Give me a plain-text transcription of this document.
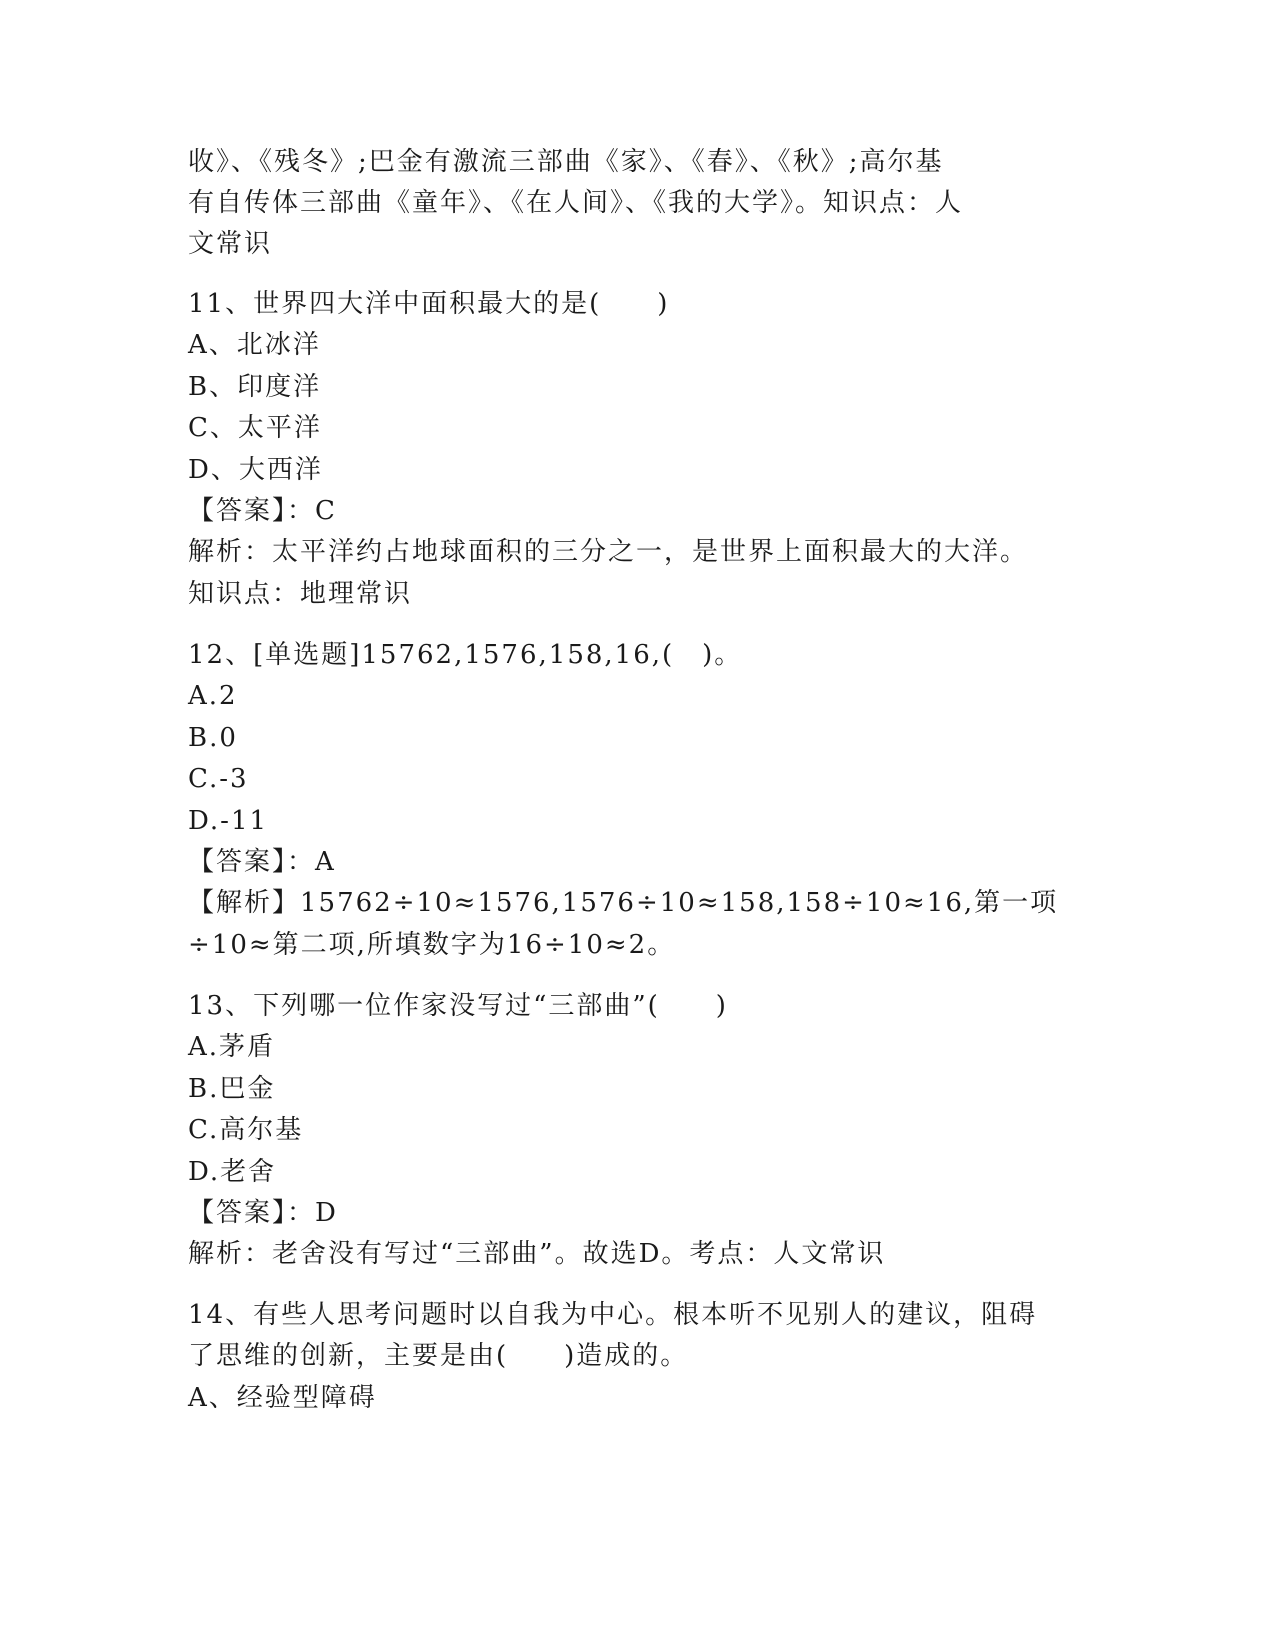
收》、《残冬》;巴金有激流三部曲《家》、《春》、《秋》;高尔基
有自传体三部曲《童年》、《在人间》、《我的大学》。知识点：人
文常识
11、世界四大洋中面积最大的是(　　)
A、北冰洋
B、印度洋
C、太平洋
D、大西洋
【答案】：C
解析：太平洋约占地球面积的三分之一，是世界上面积最大的大洋。
知识点：地理常识
12、[单选题]15762,1576,158,16,(　)。
A.2
B.0
C.-3
D.-11
【答案】：A
【解析】15762÷10≈1576,1576÷10≈158,158÷10≈16,第一项
÷10≈第二项,所填数字为16÷10≈2。
13、下列哪一位作家没写过“三部曲”(　　)
A.茅盾
B.巴金
C.高尔基
D.老舍
【答案】：D
解析：老舍没有写过“三部曲”。故选D。考点：人文常识
14、有些人思考问题时以自我为中心。根本听不见别人的建议，阻碍
了思维的创新，主要是由(　　)造成的。
A、经验型障碍
